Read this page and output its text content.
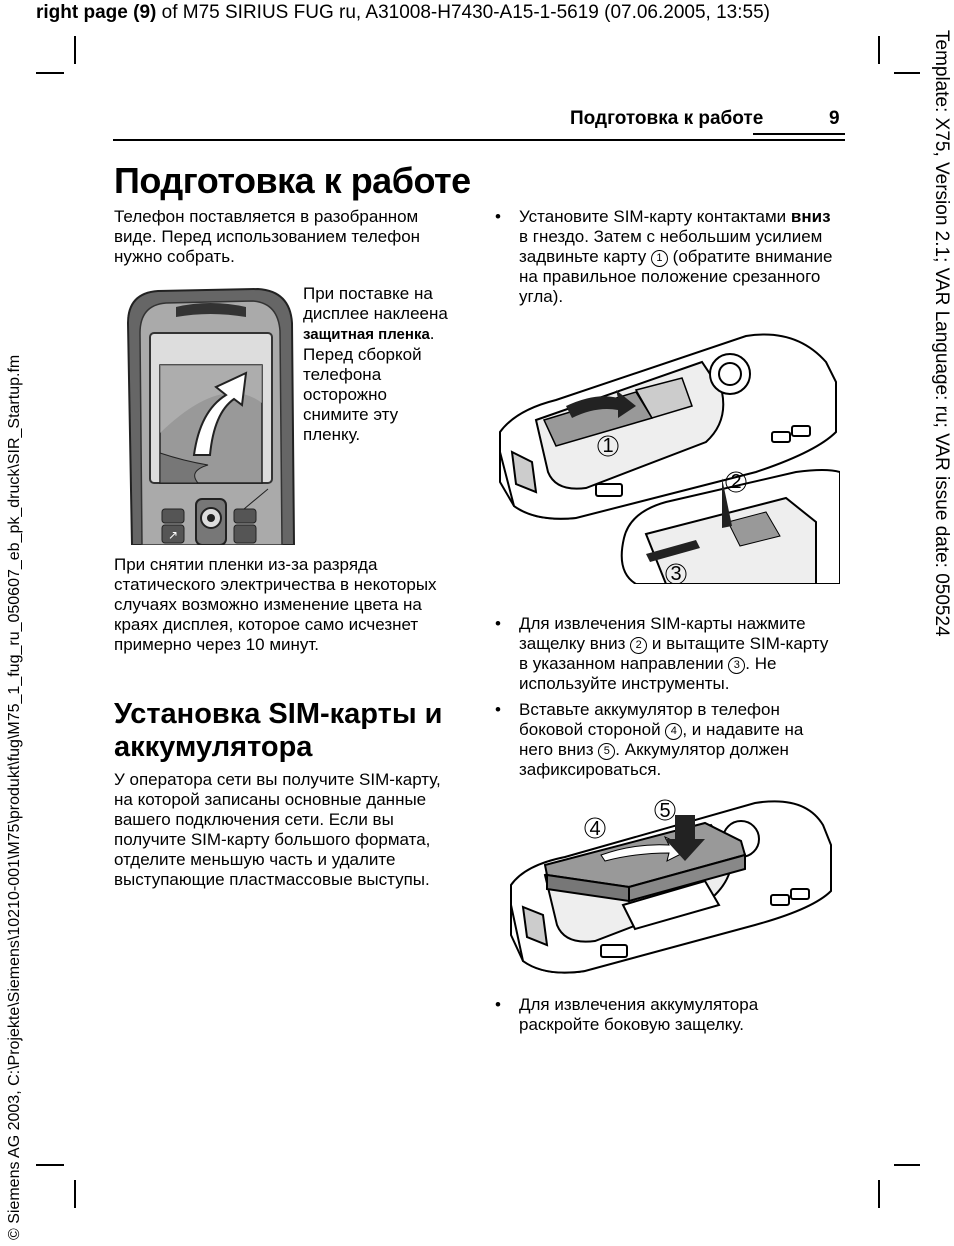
right page (9) of M75 SIRIUS FUG ru, A31008-H7430-A15-1-5619 (07.06.2005, 13:55)
Template: X75, Version 2.1; VAR Language: ru; VAR issue date: 050524
© Siemens AG 2003, C:\Projekte\Siemens\10210-001\M75\produkt\fug\M75_1_fug_ru_050607_eb_pk_druck\SIR_Startup.fm
Подготовка к работе	9
Подготовка к работе
Телефон поставляется в разобранном виде. Перед использованием телефон нужно собрать.
↗
При поставке на дисплее наклеена защитная пленка. Перед сборкой телефона осторожно снимите эту пленку.
При снятии пленки из-за разряда статического электричества в некоторых случаях возможно изменение цвета на краях дисплея, которое само исчезнет примерно через 10 минут.
Установка SIM-карты и аккумулятора
У оператора сети вы получите SIM-карту, на которой записаны основные данные вашего подключения сети. Если вы получите SIM-карту большого формата, отделите меньшую часть и удалите выступающие пластмассовые выступы.
• Установите SIM-карту контактами вниз в гнездо. Затем с небольшим усилием задвиньте карту 1 (обратите внимание на правильное положение срезанного угла).
1
2
3
• Для извлечения SIM-карты нажмите защелку вниз 2 и вытащите SIM-карту в указанном направлении 3 . Не используйте инструменты.
• Вставьте аккумулятор в телефон боковой стороной 4 , и надавите на него вниз 5 . Аккумулятор должен зафиксироваться.
4
5
• Для извлечения аккумулятора раскройте боковую защелку.
